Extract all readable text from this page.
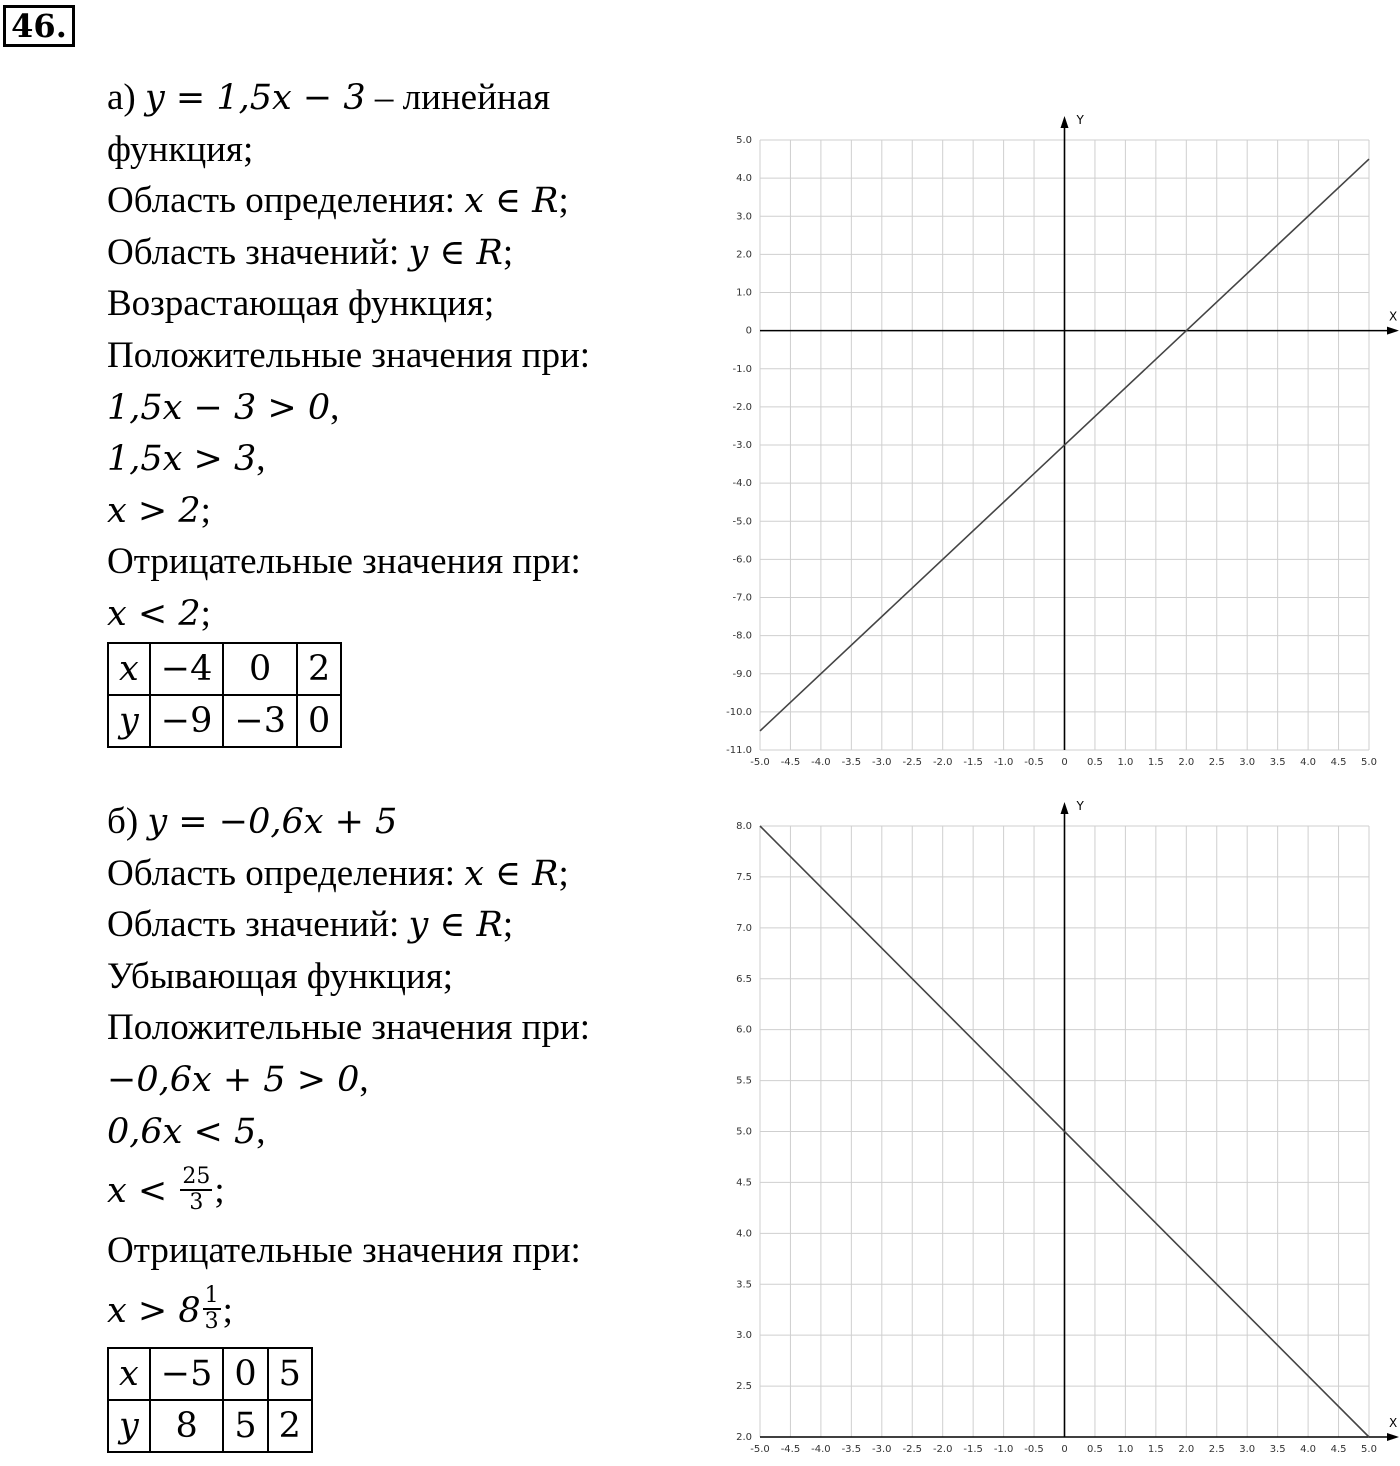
46.
а) y = 1,5x − 3 – линейная
функция;
Область определения: x ∈ R;
Область значений: y ∈ R;
Возрастающая функция;
Положительные значения при:
1,5x − 3 > 0,
1,5x > 3,
x > 2;
Отрицательные значения при:
x < 2;
x	−4	0	2
y	−9	−3	0
б) y = −0,6x + 5
Область определения: x ∈ R;
Область значений: y ∈ R;
Убывающая функция;
Положительные значения при:
−0,6x + 5 > 0,
0,6x < 5,
$x < \frac{25}{3}$ ;
Отрицательные значения при:
$x > 8 \frac{1}{3}$ ;
x	−5	0	5
y	8	5	2
-5.0 -4.5 -4.0 -3.5 -3.0 -2.5 -2.0 -1.5 -1.0 -0.5 0 0.5 1.0 1.5 2.0 2.5 3.0 3.5 4.0 4.5 5.0
5.0
4.0
3.0
2.0
1.0
0
-1.0
-2.0
-3.0
-4.0
-5.0
-6.0
-7.0
-8.0
-9.0
-10.0
-11.0
Y
X
-5.0 -4.5 -4.0 -3.5 -3.0 -2.5 -2.0 -1.5 -1.0 -0.5 0 0.5 1.0 1.5 2.0 2.5 3.0 3.5 4.0 4.5 5.0
8.0
7.5
7.0
6.5
6.0
5.5
5.0
4.5
4.0
3.5
3.0
2.5
2.0
Y
X
